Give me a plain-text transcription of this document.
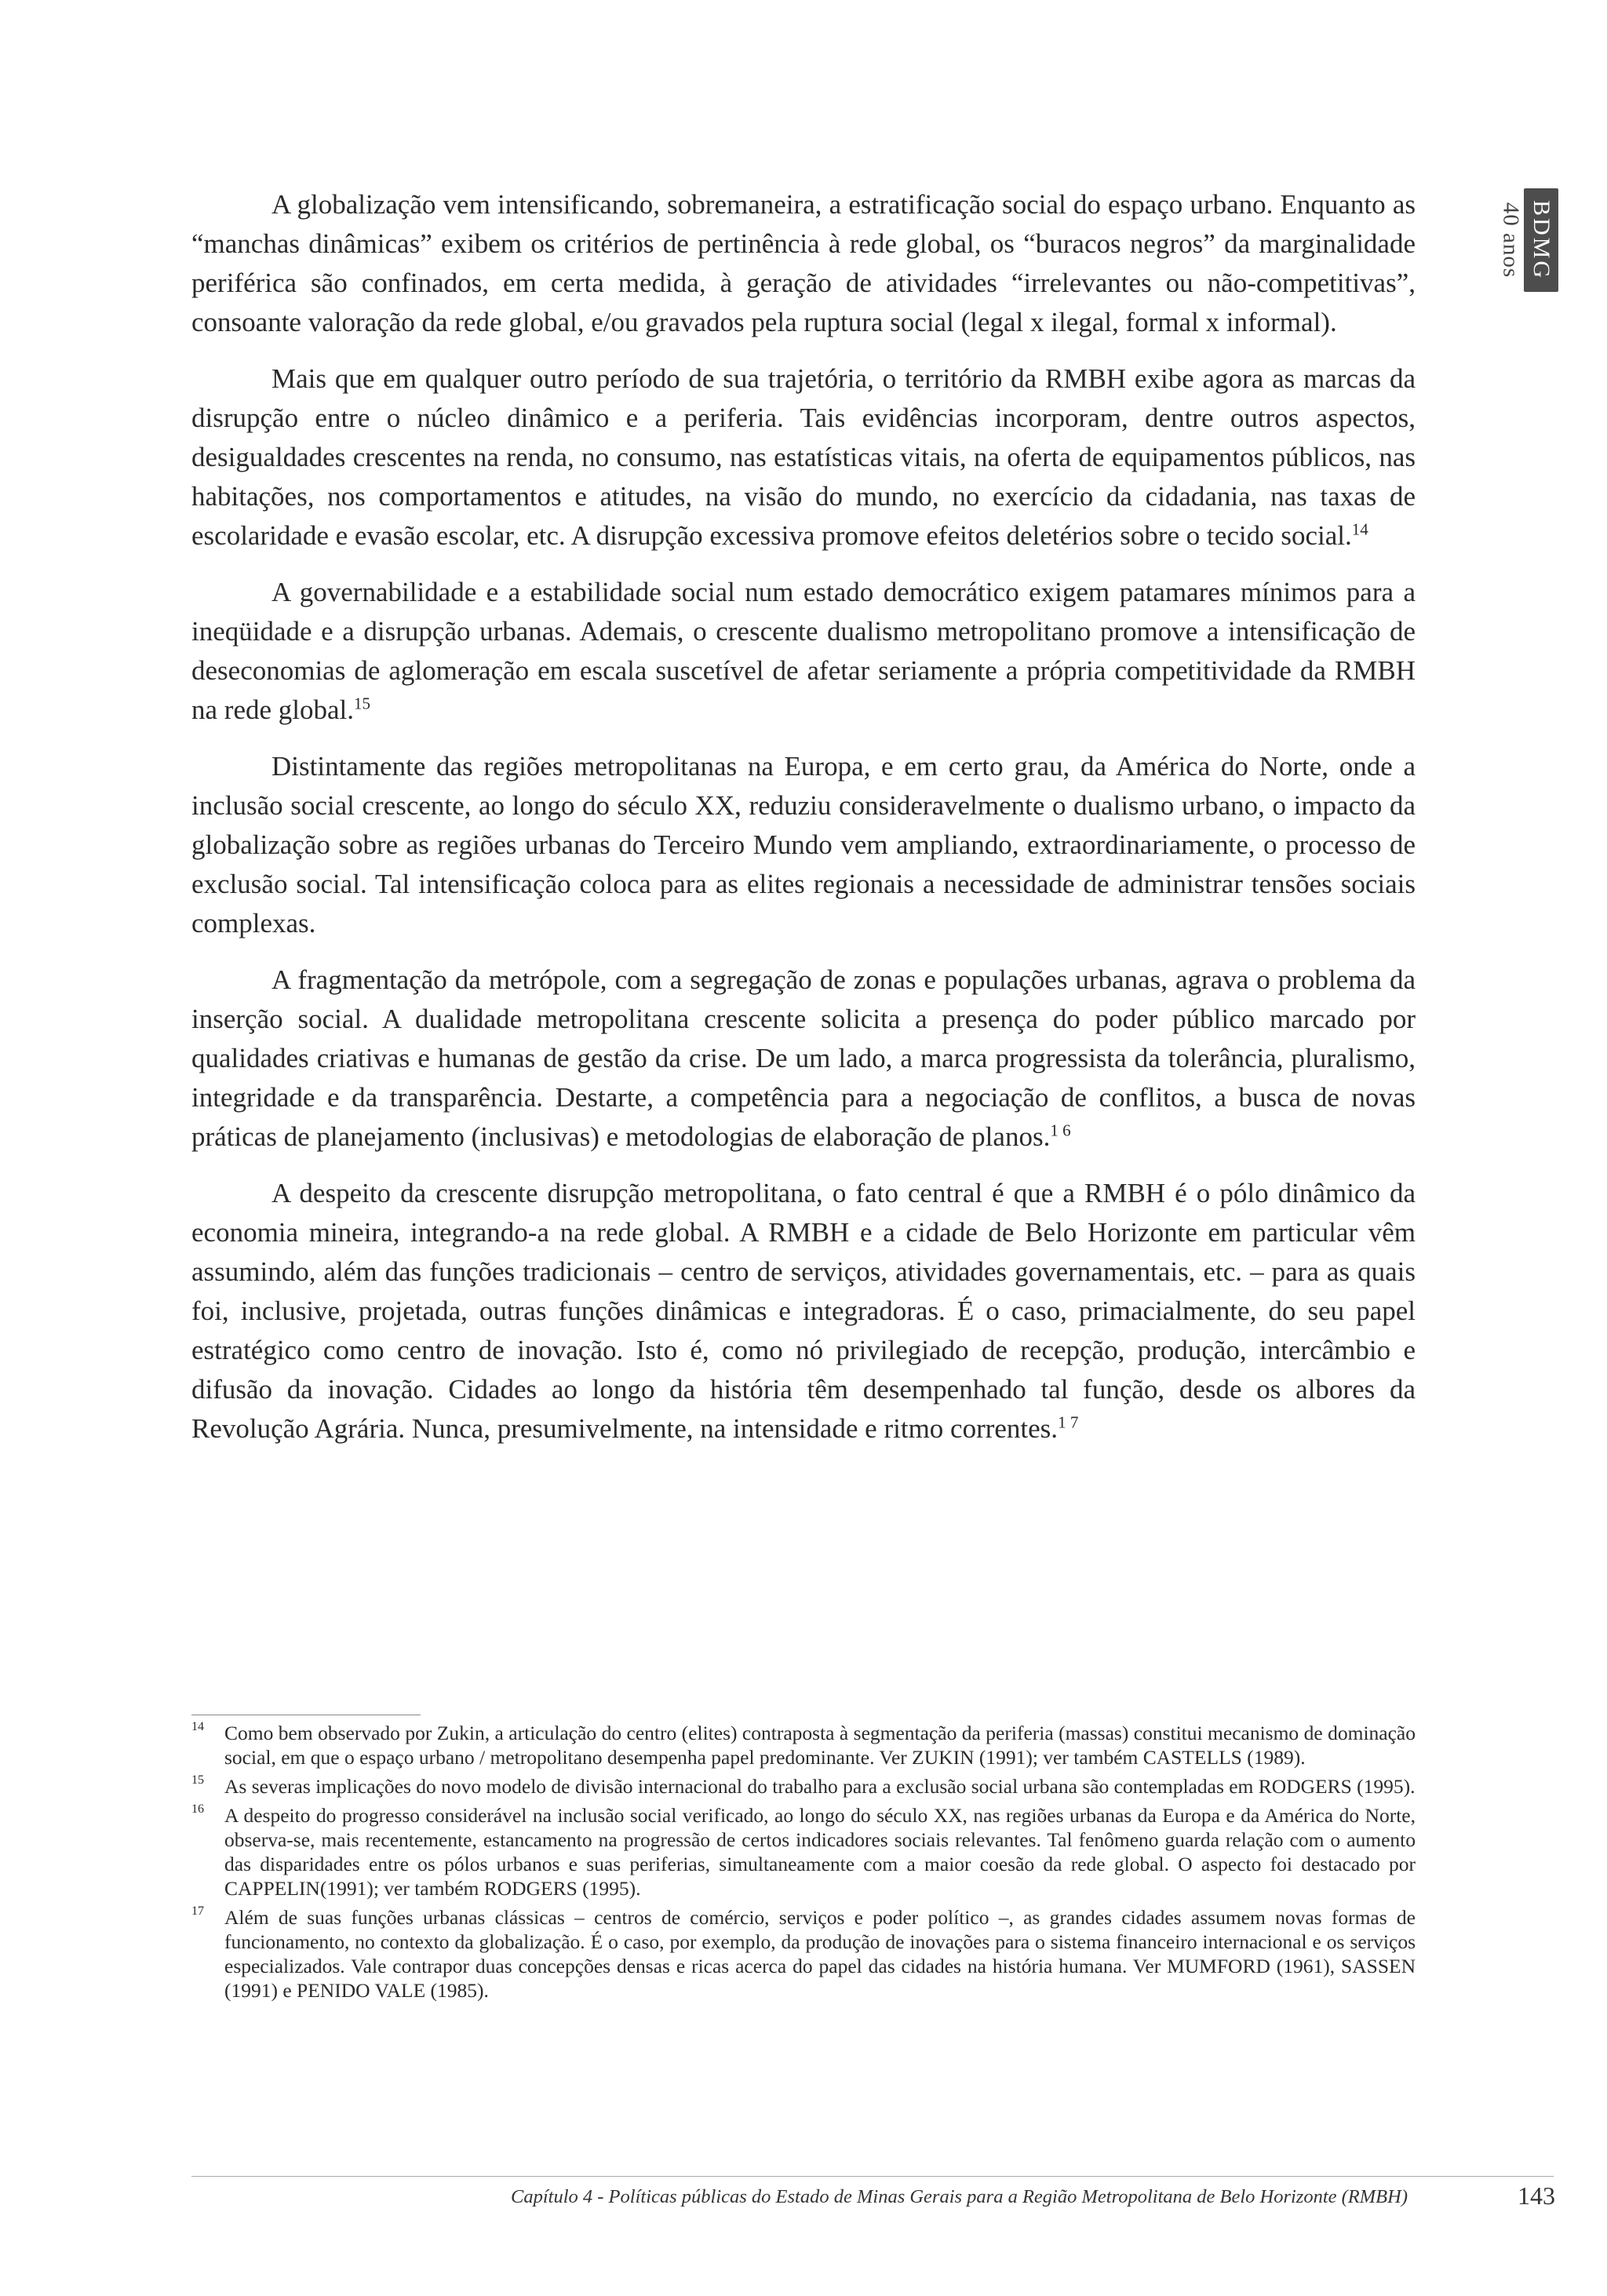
40 anos BDMG

A globalização vem intensificando, sobremaneira, a estratificação social do espaço urbano. Enquanto as “manchas dinâmicas” exibem os critérios de pertinência à rede global, os “buracos negros” da marginalidade periférica são confinados, em certa medida, à geração de atividades “irrelevantes ou não-competitivas”, consoante valoração da rede global, e/ou gravados pela ruptura social (legal x ilegal, formal x informal).

Mais que em qualquer outro período de sua trajetória, o território da RMBH exibe agora as marcas da disrupção entre o núcleo dinâmico e a periferia. Tais evidências incorporam, dentre outros aspectos, desigualdades crescentes na renda, no consumo, nas estatísticas vitais, na oferta de equipamentos públicos, nas habitações, nos comportamentos e atitudes, na visão do mundo, no exercício da cidadania, nas taxas de escolaridade e evasão escolar, etc. A disrupção excessiva promove efeitos deletérios sobre o tecido social.$^{14}$

A governabilidade e a estabilidade social num estado democrático exigem patamares mínimos para a ineqüidade e a disrupção urbanas. Ademais, o crescente dualismo metropolitano promove a intensificação de deseconomias de aglomeração em escala suscetível de afetar seriamente a própria competitividade da RMBH na rede global.$^{15}$

Distintamente das regiões metropolitanas na Europa, e em certo grau, da América do Norte, onde a inclusão social crescente, ao longo do século XX, reduziu consideravelmente o dualismo urbano, o impacto da globalização sobre as regiões urbanas do Terceiro Mundo vem ampliando, extraordinariamente, o processo de exclusão social. Tal intensificação coloca para as elites regionais a necessidade de administrar tensões sociais complexas.

A fragmentação da metrópole, com a segregação de zonas e populações urbanas, agrava o problema da inserção social. A dualidade metropolitana crescente solicita a presença do poder público marcado por qualidades criativas e humanas de gestão da crise. De um lado, a marca progressista da tolerância, pluralismo, integridade e da transparência. Destarte, a competência para a negociação de conflitos, a busca de novas práticas de planejamento (inclusivas) e metodologias de elaboração de planos.$^{1 6}$

A despeito da crescente disrupção metropolitana, o fato central é que a RMBH é o pólo dinâmico da economia mineira, integrando-a na rede global. A RMBH e a cidade de Belo Horizonte em particular vêm assumindo, além das funções tradicionais – centro de serviços, atividades governamentais, etc. – para as quais foi, inclusive, projetada, outras funções dinâmicas e integradoras. É o caso, primacialmente, do seu papel estratégico como centro de inovação. Isto é, como nó privilegiado de recepção, produção, intercâmbio e difusão da inovação. Cidades ao longo da história têm desempenhado tal função, desde os albores da Revolução Agrária. Nunca, presumivelmente, na intensidade e ritmo correntes.$^{1 7}$

14 Como bem observado por Zukin, a articulação do centro (elites) contraposta à segmentação da periferia (massas) constitui mecanismo de dominação social, em que o espaço urbano / metropolitano desempenha papel predominante. Ver ZUKIN (1991); ver também CASTELLS (1989).
15 As severas implicações do novo modelo de divisão internacional do trabalho para a exclusão social urbana são contempladas em RODGERS (1995).
16 A despeito do progresso considerável na inclusão social verificado, ao longo do século XX, nas regiões urbanas da Europa e da América do Norte, observa-se, mais recentemente, estancamento na progressão de certos indicadores sociais relevantes. Tal fenômeno guarda relação com o aumento das disparidades entre os pólos urbanos e suas periferias, simultaneamente com a maior coesão da rede global. O aspecto foi destacado por CAPPELIN(1991); ver também RODGERS (1995).
17 Além de suas funções urbanas clássicas – centros de comércio, serviços e poder político –, as grandes cidades assumem novas formas de funcionamento, no contexto da globalização. É o caso, por exemplo, da produção de inovações para o sistema financeiro internacional e os serviços especializados. Vale contrapor duas concepções densas e ricas acerca do papel das cidades na história humana. Ver MUMFORD (1961), SASSEN (1991) e PENIDO VALE (1985).
Capítulo 4 - Políticas públicas do Estado de Minas Gerais para a Região Metropolitana de Belo Horizonte (RMBH)	143
